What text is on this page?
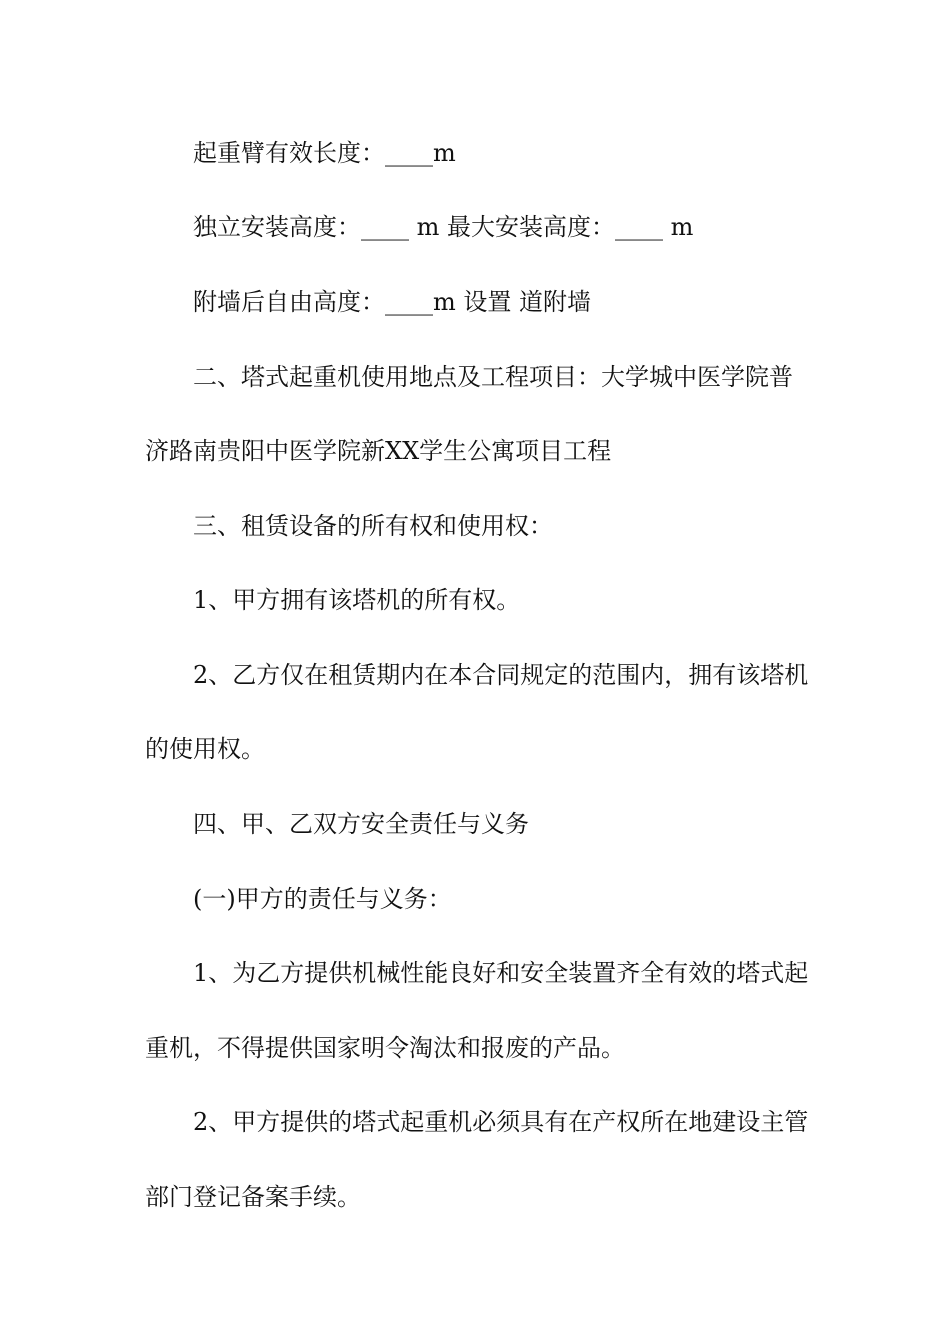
起重臂有效长度：____m
独立安装高度：____ m 最大安装高度：____ m
附墙后自由高度：____m 设置 道附墙
二、塔式起重机使用地点及工程项目：大学城中医学院普
济路南贵阳中医学院新XX学生公寓项目工程
三、租赁设备的所有权和使用权：
1、甲方拥有该塔机的所有权。
2、乙方仅在租赁期内在本合同规定的范围内，拥有该塔机
的使用权。
四、甲、乙双方安全责任与义务
(一)甲方的责任与义务：
1、为乙方提供机械性能良好和安全装置齐全有效的塔式起
重机，不得提供国家明令淘汰和报废的产品。
2、甲方提供的塔式起重机必须具有在产权所在地建设主管
部门登记备案手续。
